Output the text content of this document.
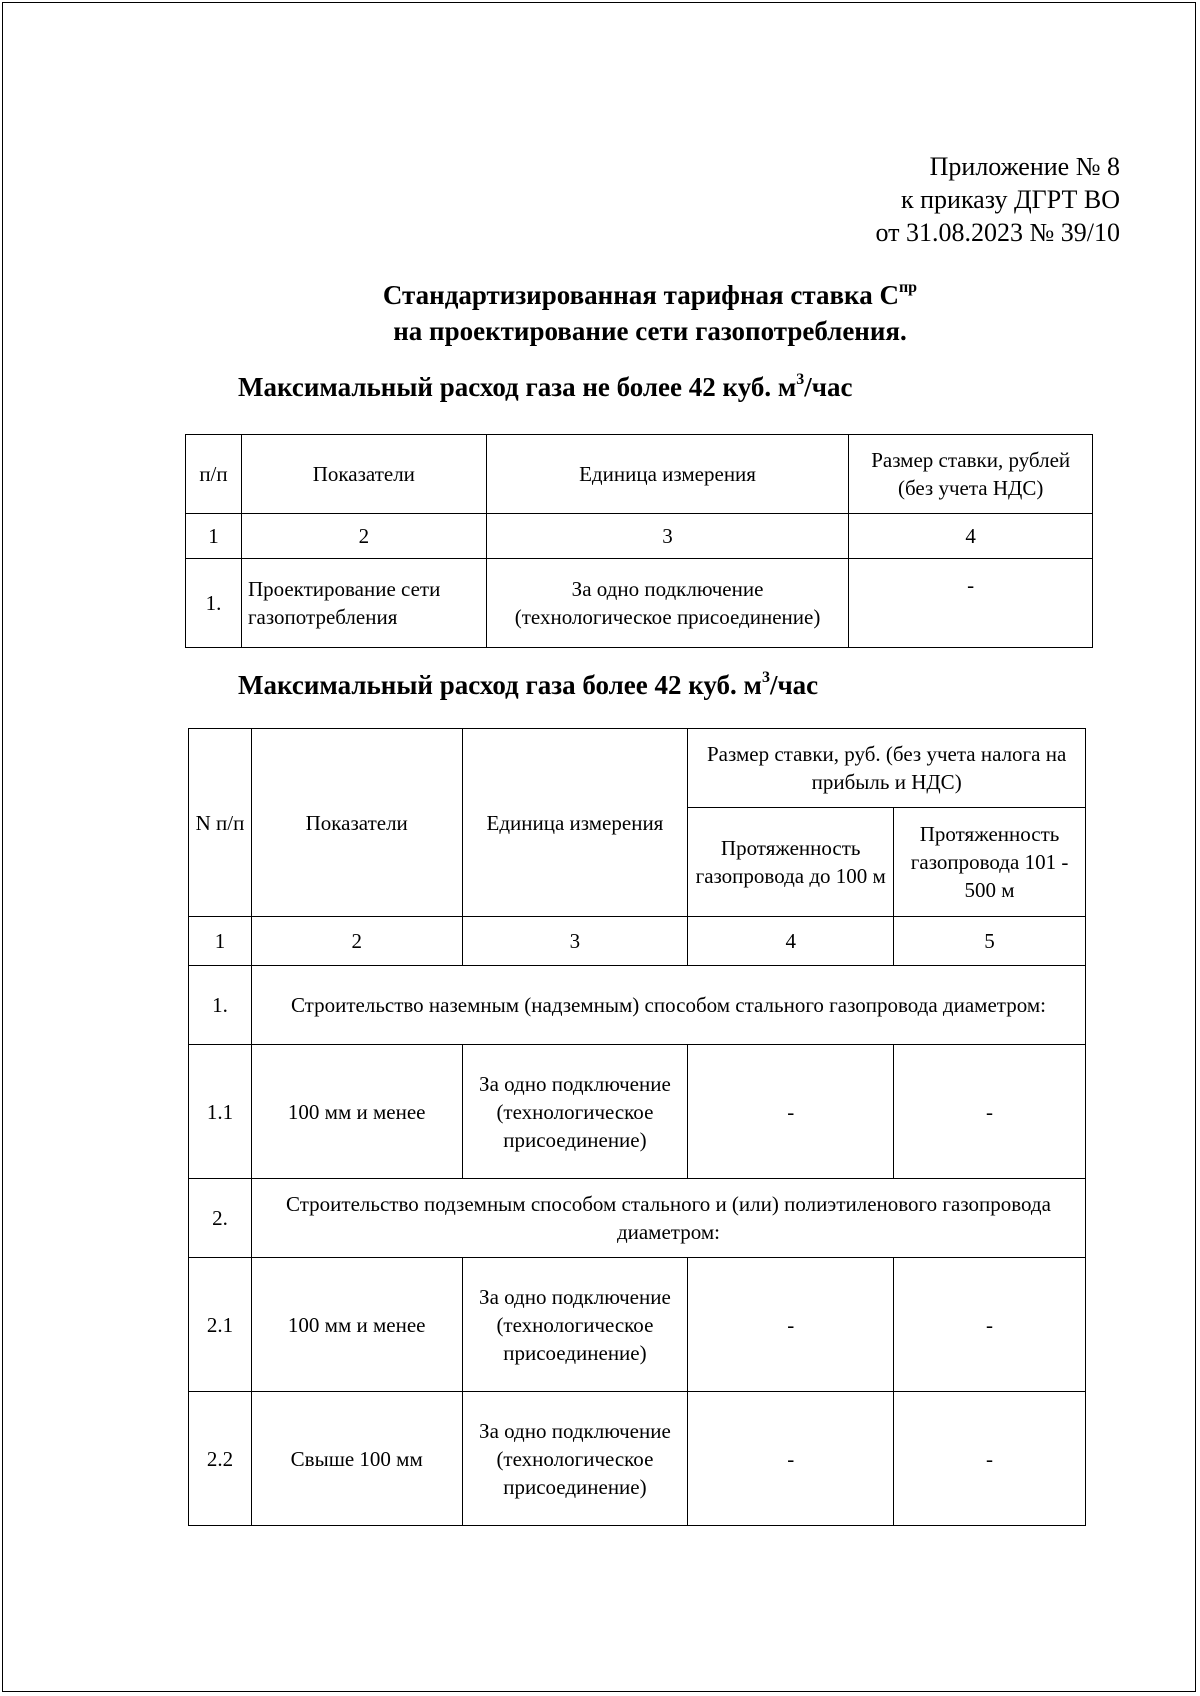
Приложение № 8
к приказу ДГРТ ВО
от 31.08.2023 № 39/10
Стандартизированная тарифная ставка $С^{пр}$
на проектирование сети газопотребления.
Максимальный расход газа не более 42 куб. $м^3$/час
п/п	Показатели	Единица измерения	Размер ставки, рублей (без учета НДС)
1	2	3	4
1.	Проектирование сети газопотребления	За одно подключение (технологическое присоединение)	-
Максимальный расход газа более 42 куб. $м^3$/час
N п/п	Показатели	Единица измерения	Размер ставки, руб. (без учета налога на прибыль и НДС)	
			Протяженность газопровода до 100 м	Протяженность газопровода 101 - 500 м
1	2	3	4	5
1.	Строительство наземным (надземным) способом стального газопровода диаметром:			
1.1	100 мм и менее	За одно подключение (технологическое присоединение)	-	-
2.	Строительство подземным способом стального и (или) полиэтиленового газопровода диаметром:			
2.1	100 мм и менее	За одно подключение (технологическое присоединение)	-	-
2.2	Свыше 100 мм	За одно подключение (технологическое присоединение)	-	-
